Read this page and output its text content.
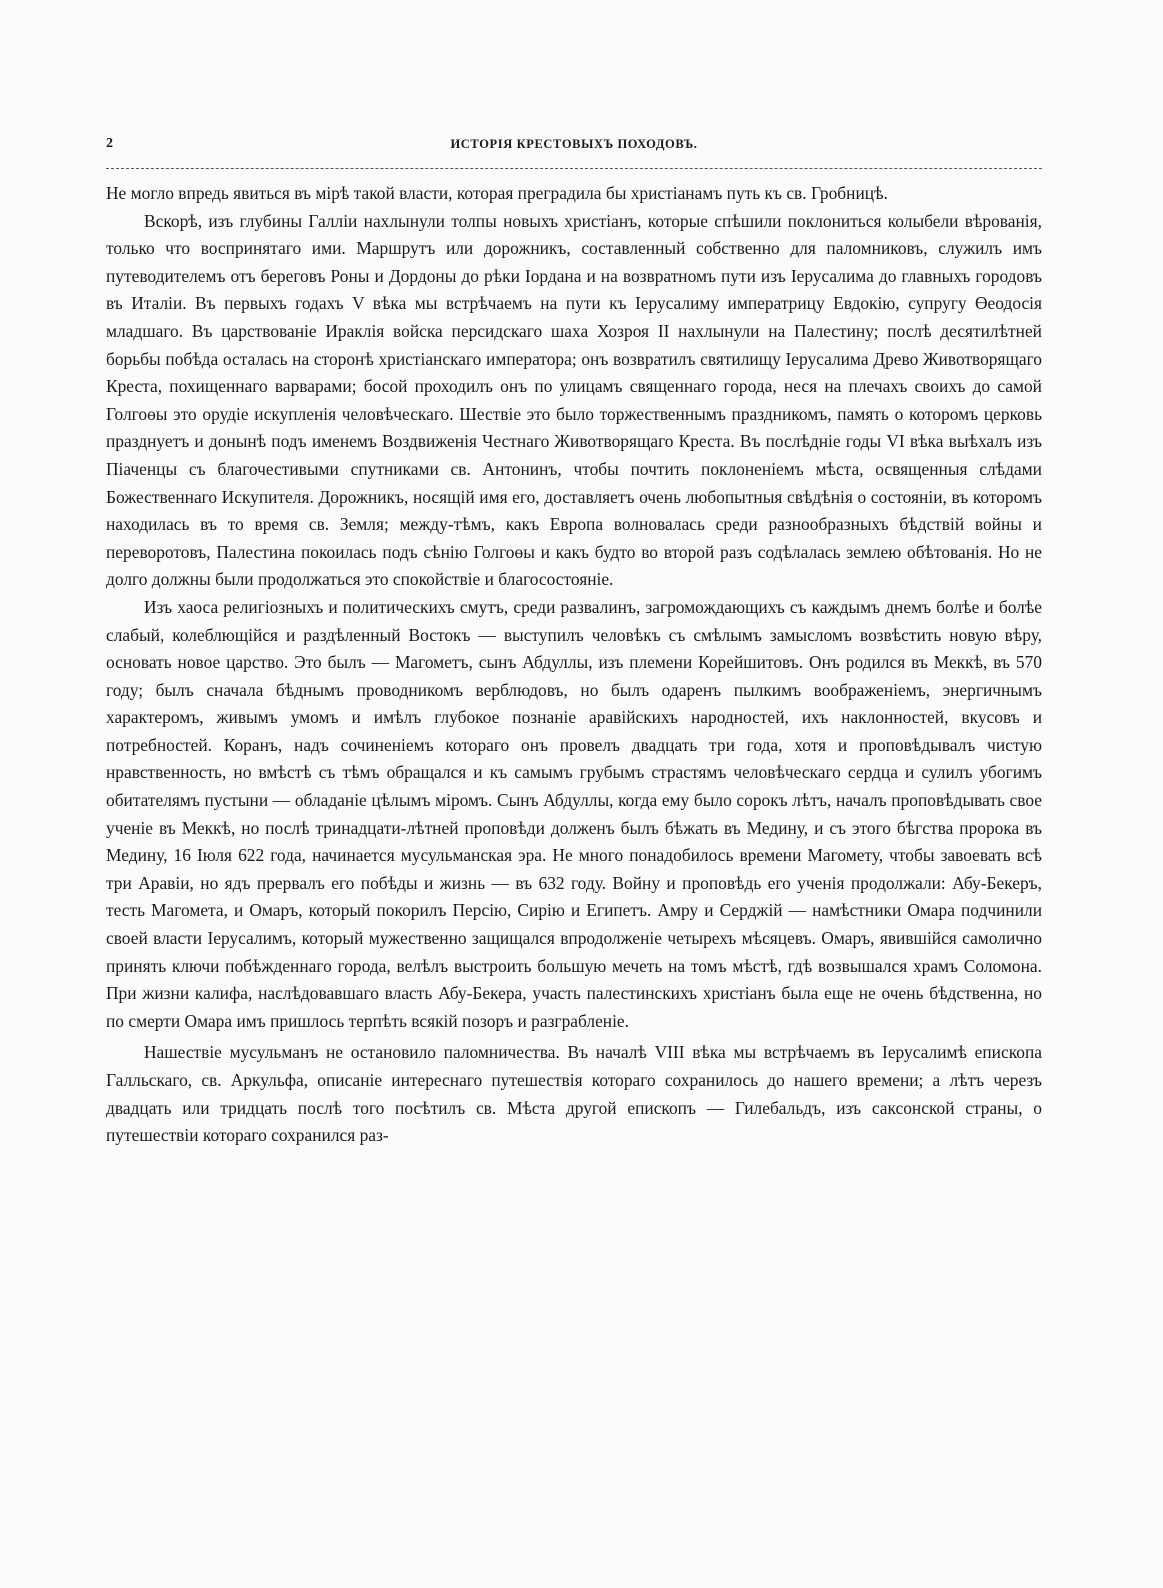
2	ИСТОРІЯ КРЕСТОВЫХЪ ПОХОДОВЪ.

Не могло впредь явиться въ мірѣ такой власти, которая преградила бы христіанамъ путь къ св. Гробницѣ.

Вскорѣ, изъ глубины Галліи нахлынули толпы новыхъ христіанъ, которые спѣшили поклониться колыбели вѣрованія, только что воспринятаго ими. Маршрутъ или дорожникъ, составленный собственно для паломниковъ, служилъ имъ путеводителемъ отъ береговъ Роны и Дордоны до рѣки Іордана и на возвратномъ пути изъ Іерусалима до главныхъ городовъ въ Италіи. Въ первыхъ годахъ V вѣка мы встрѣчаемъ на пути къ Іерусалиму императрицу Евдокію, супругу Өеодосія младшаго. Въ царствованіе Ираклія войска персидскаго шаха Хозроя II нахлынули на Палестину; послѣ десятилѣтней борьбы побѣда осталась на сторонѣ христіанскаго императора; онъ возвратилъ святилищу Іерусалима Древо Животворящаго Креста, похищеннаго варварами; босой проходилъ онъ по улицамъ священнаго города, неся на плечахъ своихъ до самой Голгоөы это орудіе искупленія человѣческаго. Шествіе это было торжественнымъ праздникомъ, память о которомъ церковь празднуетъ и донынѣ подъ именемъ Воздвиженія Честнаго Животворящаго Креста. Въ послѣдніе годы VI вѣка выѣхалъ изъ Піаченцы съ благочестивыми спутниками св. Антонинъ, чтобы почтить поклоненіемъ мѣста, освященныя слѣдами Божественнаго Искупителя. Дорожникъ, носящій имя его, доставляетъ очень любопытныя свѣдѣнія о состояніи, въ которомъ находилась въ то время св. Земля; между-тѣмъ, какъ Европа волновалась среди разнообразныхъ бѣдствій войны и переворотовъ, Палестина покоилась подъ сѣнію Голгоөы и какъ будто во второй разъ содѣлалась землею обѣтованія. Но не долго должны были продолжаться это спокойствіе и благосостояніе.

Изъ хаоса религіозныхъ и политическихъ смутъ, среди развалинъ, загромождающихъ съ каждымъ днемъ болѣе и болѣе слабый, колеблющійся и раздѣленный Востокъ — выступилъ человѣкъ съ смѣлымъ замысломъ возвѣстить новую вѣру, основать новое царство. Это былъ — Магометъ, сынъ Абдуллы, изъ племени Корейшитовъ. Онъ родился въ Меккѣ, въ 570 году; былъ сначала бѣднымъ проводникомъ верблюдовъ, но былъ одаренъ пылкимъ воображеніемъ, энергичнымъ характеромъ, живымъ умомъ и имѣлъ глубокое познаніе аравійскихъ народностей, ихъ наклонностей, вкусовъ и потребностей. Коранъ, надъ сочиненіемъ котораго онъ провелъ двадцать три года, хотя и проповѣдывалъ чистую нравственность, но вмѣстѣ съ тѣмъ обращался и къ самымъ грубымъ страстямъ человѣческаго сердца и сулилъ убогимъ обитателямъ пустыни — обладаніе цѣлымъ міромъ. Сынъ Абдуллы, когда ему было сорокъ лѣтъ, началъ проповѣдывать свое ученіе въ Меккѣ, но послѣ тринадцати-лѣтней проповѣди долженъ былъ бѣжать въ Медину, и съ этого бѣгства пророка въ Медину, 16 Іюля 622 года, начинается мусульманская эра. Не много понадобилось времени Магомету, чтобы завоевать всѣ три Аравіи, но ядъ прервалъ его побѣды и жизнь — въ 632 году. Войну и проповѣдь его ученія продолжали: Абу-Бекеръ, тесть Магомета, и Омаръ, который покорилъ Персію, Сирію и Египетъ. Амру и Серджій — намѣстники Омара подчинили своей власти Іерусалимъ, который мужественно защищался впродолженіе четырехъ мѣсяцевъ. Омаръ, явившійся самолично принять ключи побѣжденнаго города, велѣлъ выстроить большую мечеть на томъ мѣстѣ, гдѣ возвышался храмъ Соломона. При жизни калифа, наслѣдовавшаго власть Абу-Бекера, участь палестинскихъ христіанъ была еще не очень бѣдственна, но по смерти Омара имъ пришлось терпѣть всякій позоръ и разграбленіе.

Нашествіе мусульманъ не остановило паломничества. Въ началѣ VIII вѣка мы встрѣчаемъ въ Іерусалимѣ епископа Галльскаго, св. Аркульфа, описаніе интереснаго путешествія котораго сохранилось до нашего времени; а лѣтъ черезъ двадцать или тридцать послѣ того посѣтилъ св. Мѣста другой епископъ — Гилебальдъ, изъ саксонской страны, о путешествіи котораго сохранился раз-
